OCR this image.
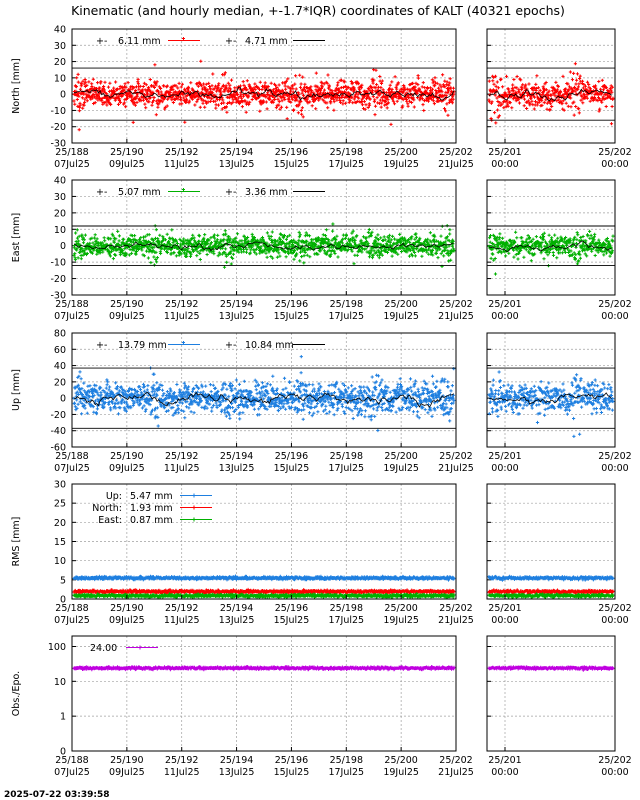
Kinematic (and hourly median, +-1.7*IQR) coordinates of KALT (40321 epochs)
North [mm]
40
30
20
10
0
-10
-20
-30
25/188
07Jul25
25/190
09Jul25
25/192
11Jul25
25/194
13Jul25
25/196
15Jul25
25/198
17Jul25
25/200
19Jul25
25/202
21Jul25
25/201
00:00
25/202
00:00
+- 6.11 mm	+- 4.71 mm
East [mm]
40
30
20
10
0
-10
-20
-30
25/188
07Jul25
25/190
09Jul25
25/192
11Jul25
25/194
13Jul25
25/196
15Jul25
25/198
17Jul25
25/200
19Jul25
25/202
21Jul25
25/201
00:00
25/202
00:00
+- 5.07 mm	+- 3.36 mm
Up [mm]
80
60
40
20
0
-20
-40
-60
25/188
07Jul25
25/190
09Jul25
25/192
11Jul25
25/194
13Jul25
25/196
15Jul25
25/198
17Jul25
25/200
19Jul25
25/202
21Jul25
25/201
00:00
25/202
00:00
+- 13.79 mm	+- 10.84 mm
RMS [mm]
30
25
20
15
10
5
0
25/188
07Jul25
25/190
09Jul25
25/192
11Jul25
25/194
13Jul25
25/196
15Jul25
25/198
17Jul25
25/200
19Jul25
25/202
21Jul25
25/201
00:00
25/202
00:00
Up: 5.47 mm
North: 1.93 mm
East: 0.87 mm
Obs./Epo.
100
10
1
0
25/188
07Jul25
25/190
09Jul25
25/192
11Jul25
25/194
13Jul25
25/196
15Jul25
25/198
17Jul25
25/200
19Jul25
25/202
21Jul25
25/201
00:00
25/202
00:00
24.00
2025-07-22 03:39:58
